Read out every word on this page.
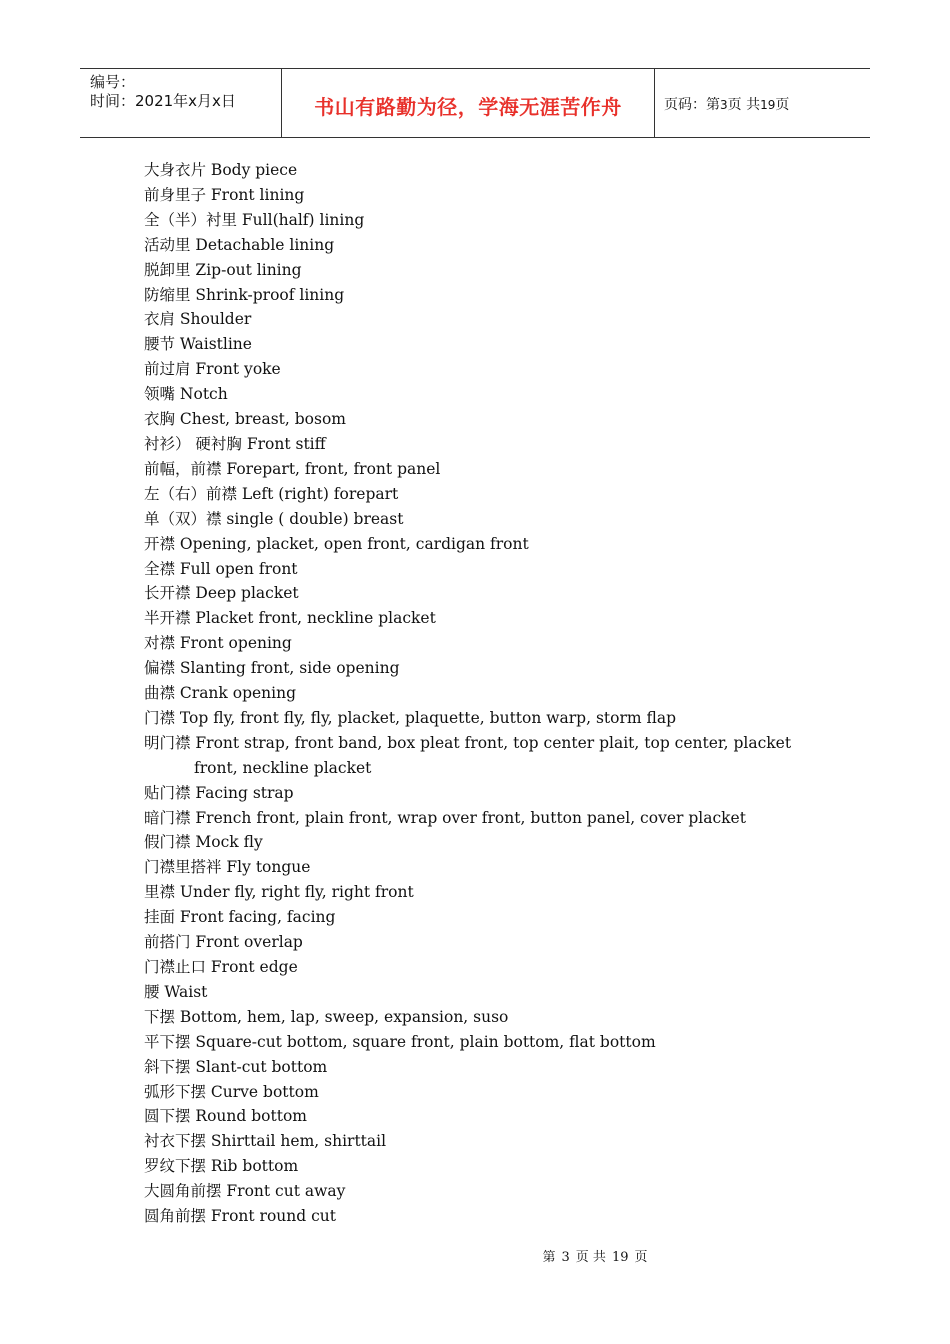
编号：
时间：2021年x月x日	书山有路勤为径，学海无涯苦作舟	页码：第3页 共19页
大身衣片 Body piece
前身里子 Front lining
全（半）衬里 Full(half) lining
活动里 Detachable lining
脱卸里 Zip-out lining
防缩里 Shrink-proof lining
衣肩 Shoulder
腰节 Waistline
前过肩 Front yoke
领嘴 Notch
衣胸 Chest, breast, bosom
衬衫） 硬衬胸 Front stiff
前幅，前襟 Forepart, front, front panel
左（右）前襟 Left (right) forepart
单（双）襟 single ( double) breast
开襟 Opening, placket, open front, cardigan front
全襟 Full open front
长开襟 Deep placket
半开襟 Placket front, neckline placket
对襟 Front opening
偏襟 Slanting front, side opening
曲襟 Crank opening
门襟 Top fly, front fly, fly, placket, plaquette, button warp, storm flap
明门襟 Front strap, front band, box pleat front, top center plait, top center, placket front, neckline placket
贴门襟 Facing strap
暗门襟 French front, plain front, wrap over front, button panel, cover placket
假门襟 Mock fly
门襟里搭袢 Fly tongue
里襟 Under fly, right fly, right front
挂面 Front facing, facing
前搭门 Front overlap
门襟止口 Front edge
腰 Waist
下摆 Bottom, hem, lap, sweep, expansion, suso
平下摆 Square-cut bottom, square front, plain bottom, flat bottom
斜下摆 Slant-cut bottom
弧形下摆 Curve bottom
圆下摆 Round bottom
衬衣下摆 Shirttail hem, shirttail
罗纹下摆 Rib bottom
大圆角前摆 Front cut away
圆角前摆 Front round cut
第 3 页 共 19 页
